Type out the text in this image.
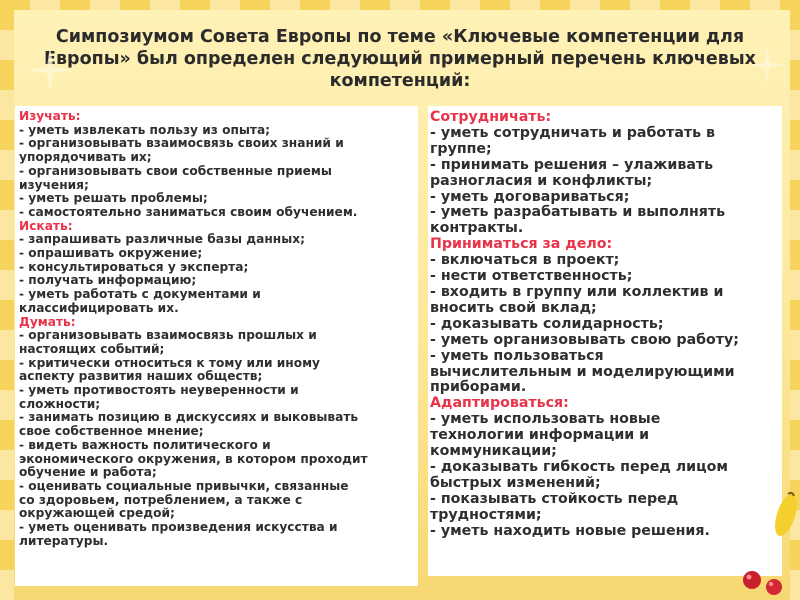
Симпозиумом Совета Европы по теме «Ключевые компетенции для
Европы» был определен следующий примерный перечень ключевых
компетенций:
Изучать:
- уметь извлекать пользу из опыта;
- организовывать взаимосвязь своих знаний и
упорядочивать их;
- организовывать свои собственные приемы
изучения;
- уметь решать проблемы;
- самостоятельно заниматься своим обучением.
Искать:
- запрашивать различные базы данных;
- опрашивать окружение;
- консультироваться у эксперта;
- получать информацию;
- уметь работать с документами и
классифицировать их.
Думать:
- организовывать взаимосвязь прошлых и
настоящих событий;
- критически относиться к тому или иному
аспекту развития наших обществ;
- уметь противостоять неуверенности и
сложности;
- занимать позицию в дискуссиях и выковывать
свое собственное мнение;
- видеть важность политического и
экономического окружения, в котором проходит
обучение и работа;
- оценивать социальные привычки, связанные
со здоровьем, потреблением, а также с
окружающей средой;
- уметь оценивать произведения искусства и
литературы.
Сотрудничать:
- уметь сотрудничать и работать в
группе;
- принимать решения – улаживать
разногласия и конфликты;
- уметь договариваться;
- уметь разрабатывать и выполнять
контракты.
Приниматься за дело:
- включаться в проект;
- нести ответственность;
- входить в группу или коллектив и
вносить свой вклад;
- доказывать солидарность;
- уметь организовывать свою работу;
- уметь пользоваться
вычислительным и моделирующими
приборами.
Адаптироваться:
- уметь использовать новые
технологии информации и
коммуникации;
- доказывать гибкость перед лицом
быстрых изменений;
- показывать стойкость перед
трудностями;
- уметь находить новые решения.
